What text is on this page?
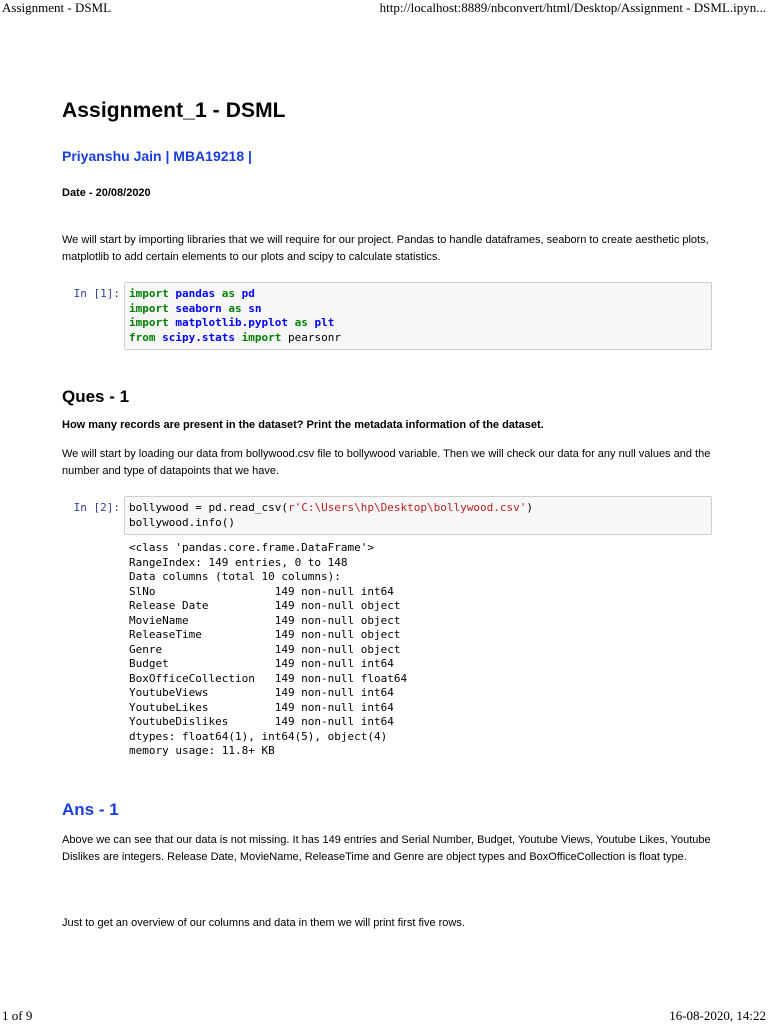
Assignment - DSML	http://localhost:8889/nbconvert/html/Desktop/Assignment - DSML.ipyn...
Assignment_1 - DSML
Priyanshu Jain | MBA19218 |
Date - 20/08/2020
We will start by importing libraries that we will require for our project. Pandas to handle dataframes, seaborn to create aesthetic plots, matplotlib to add certain elements to our plots and scipy to calculate statistics.
In [1]: import pandas as pd
import seaborn as sn
import matplotlib.pyplot as plt
from scipy.stats import pearsonr
Ques - 1
How many records are present in the dataset? Print the metadata information of the dataset.
We will start by loading our data from bollywood.csv file to bollywood variable. Then we will check our data for any null values and the number and type of datapoints that we have.
In [2]: bollywood = pd.read_csv(r'C:\Users\hp\Desktop\bollywood.csv')
bollywood.info()
<class 'pandas.core.frame.DataFrame'>
RangeIndex: 149 entries, 0 to 148
Data columns (total 10 columns):
SlNo                  149 non-null int64
Release Date          149 non-null object
MovieName             149 non-null object
ReleaseTime           149 non-null object
Genre                 149 non-null object
Budget                149 non-null int64
BoxOfficeCollection   149 non-null float64
YoutubeViews          149 non-null int64
YoutubeLikes          149 non-null int64
YoutubeDislikes       149 non-null int64
dtypes: float64(1), int64(5), object(4)
memory usage: 11.8+ KB
Ans - 1
Above we can see that our data is not missing. It has 149 entries and Serial Number, Budget, Youtube Views, Youtube Likes, Youtube Dislikes are integers. Release Date, MovieName, ReleaseTime and Genre are object types and BoxOfficeCollection is float type.
Just to get an overview of our columns and data in them we will print first five rows.
1 of 9	16-08-2020, 14:22
